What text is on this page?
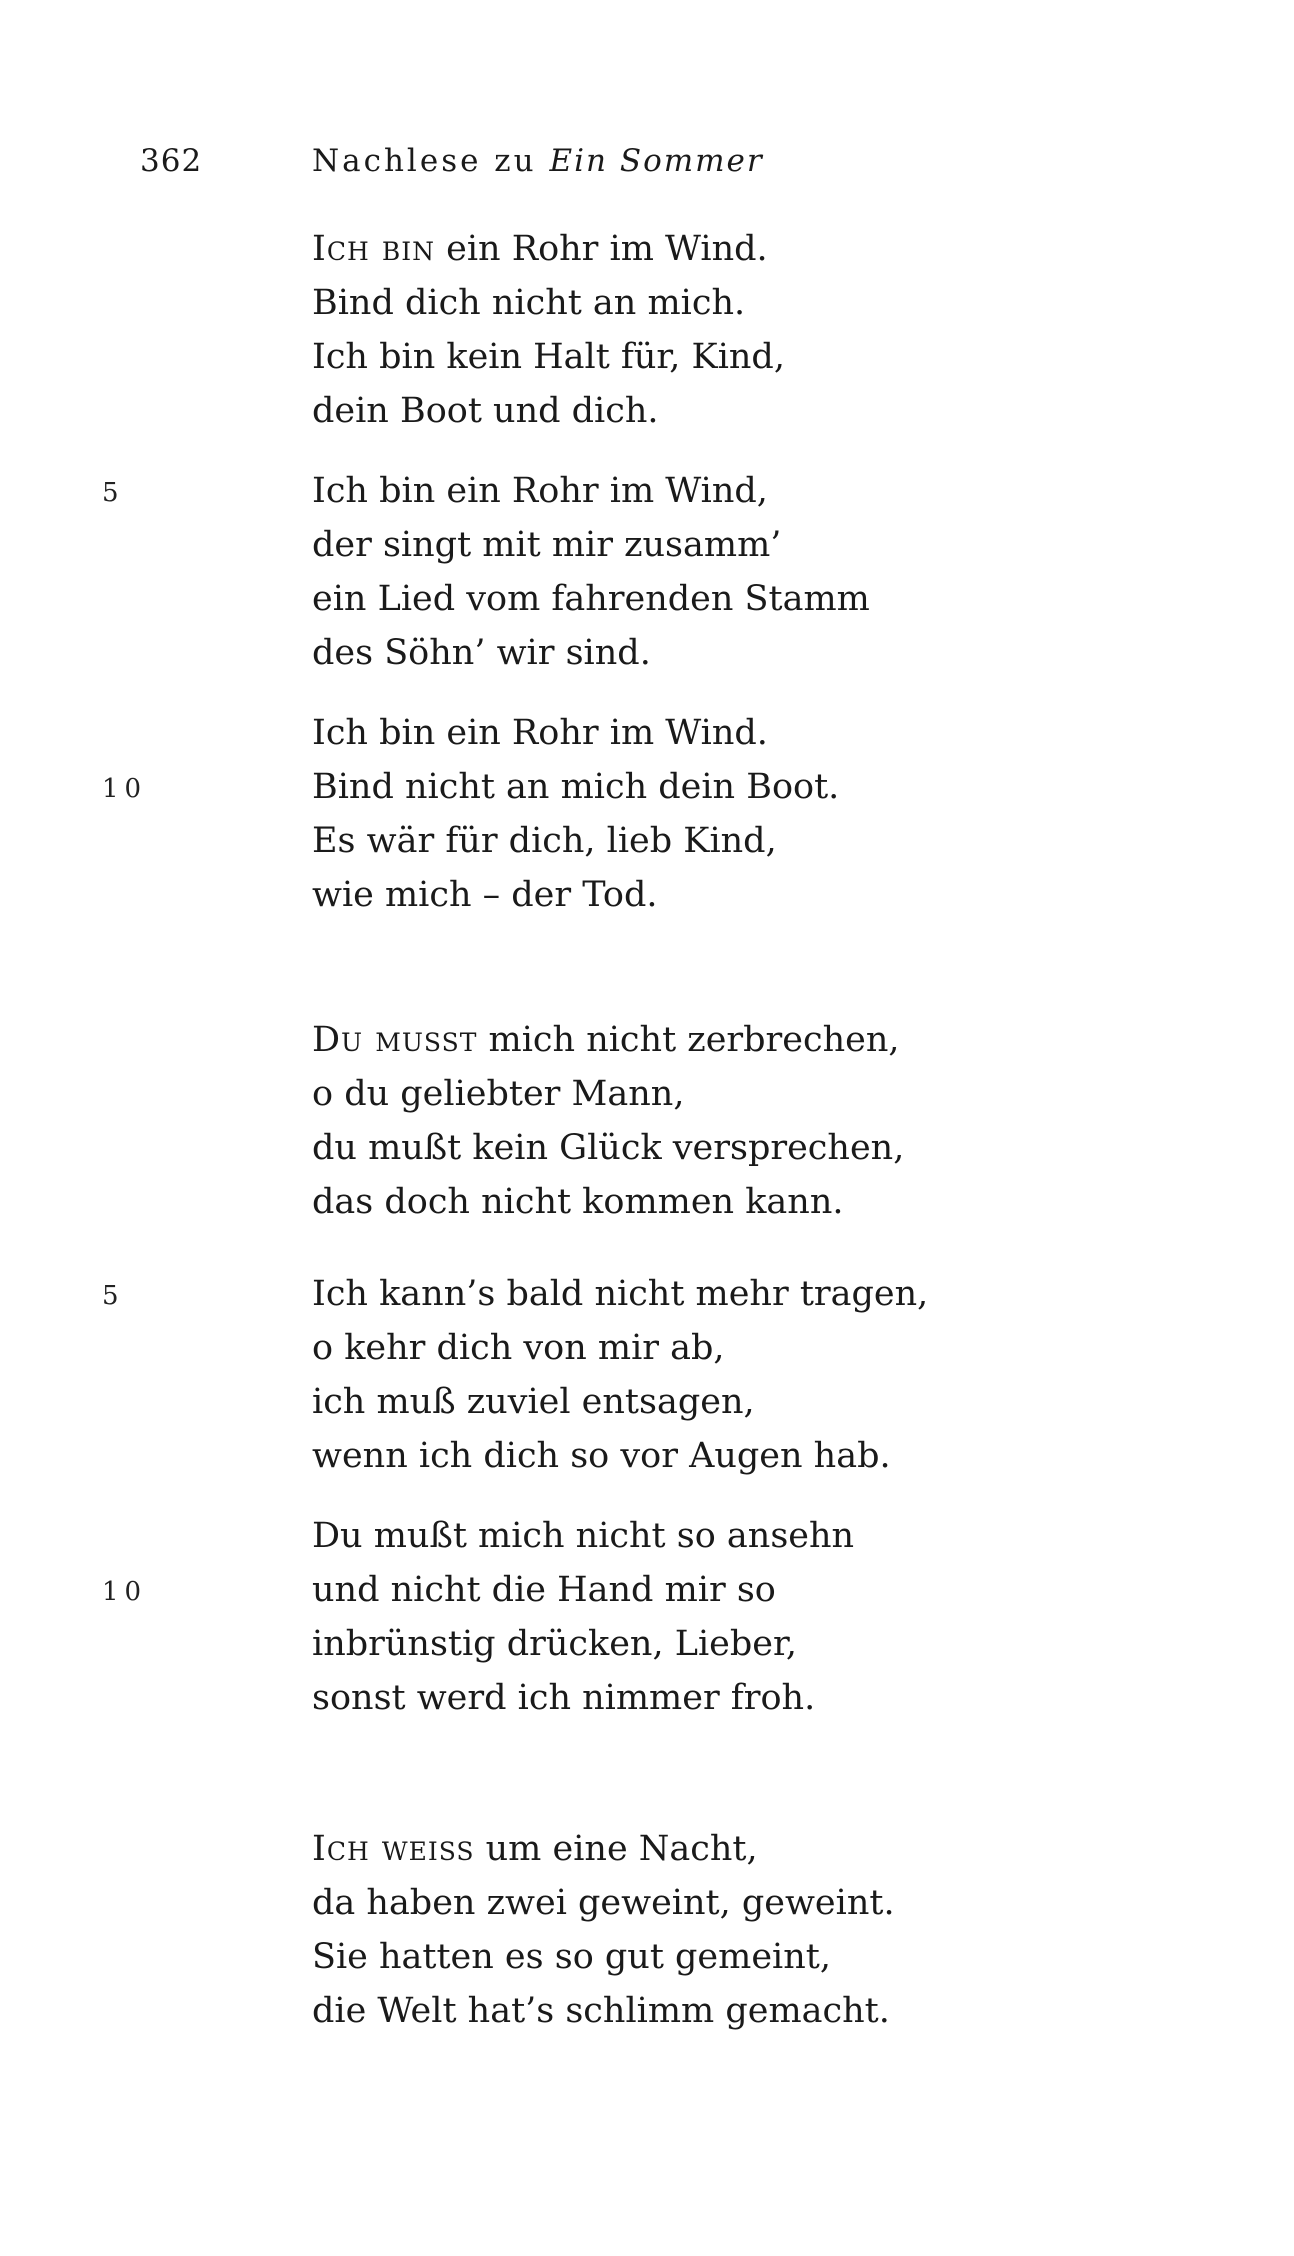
362	Nachlese zu Ein Sommer
Ich bin ein Rohr im Wind.
Bind dich nicht an mich.
Ich bin kein Halt für, Kind,
dein Boot und dich.
5	Ich bin ein Rohr im Wind,
der singt mit mir zusamm’
ein Lied vom fahrenden Stamm
des Söhn’ wir sind.
Ich bin ein Rohr im Wind.
10	Bind nicht an mich dein Boot.
Es wär für dich, lieb Kind,
wie mich – der Tod.
Du musst mich nicht zerbrechen,
o du geliebter Mann,
du mußt kein Glück versprechen,
das doch nicht kommen kann.
5	Ich kann’s bald nicht mehr tragen,
o kehr dich von mir ab,
ich muß zuviel entsagen,
wenn ich dich so vor Augen hab.
Du mußt mich nicht so ansehn
10	und nicht die Hand mir so
inbrünstig drücken, Lieber,
sonst werd ich nimmer froh.
Ich weiss um eine Nacht,
da haben zwei geweint, geweint.
Sie hatten es so gut gemeint,
die Welt hat’s schlimm gemacht.
